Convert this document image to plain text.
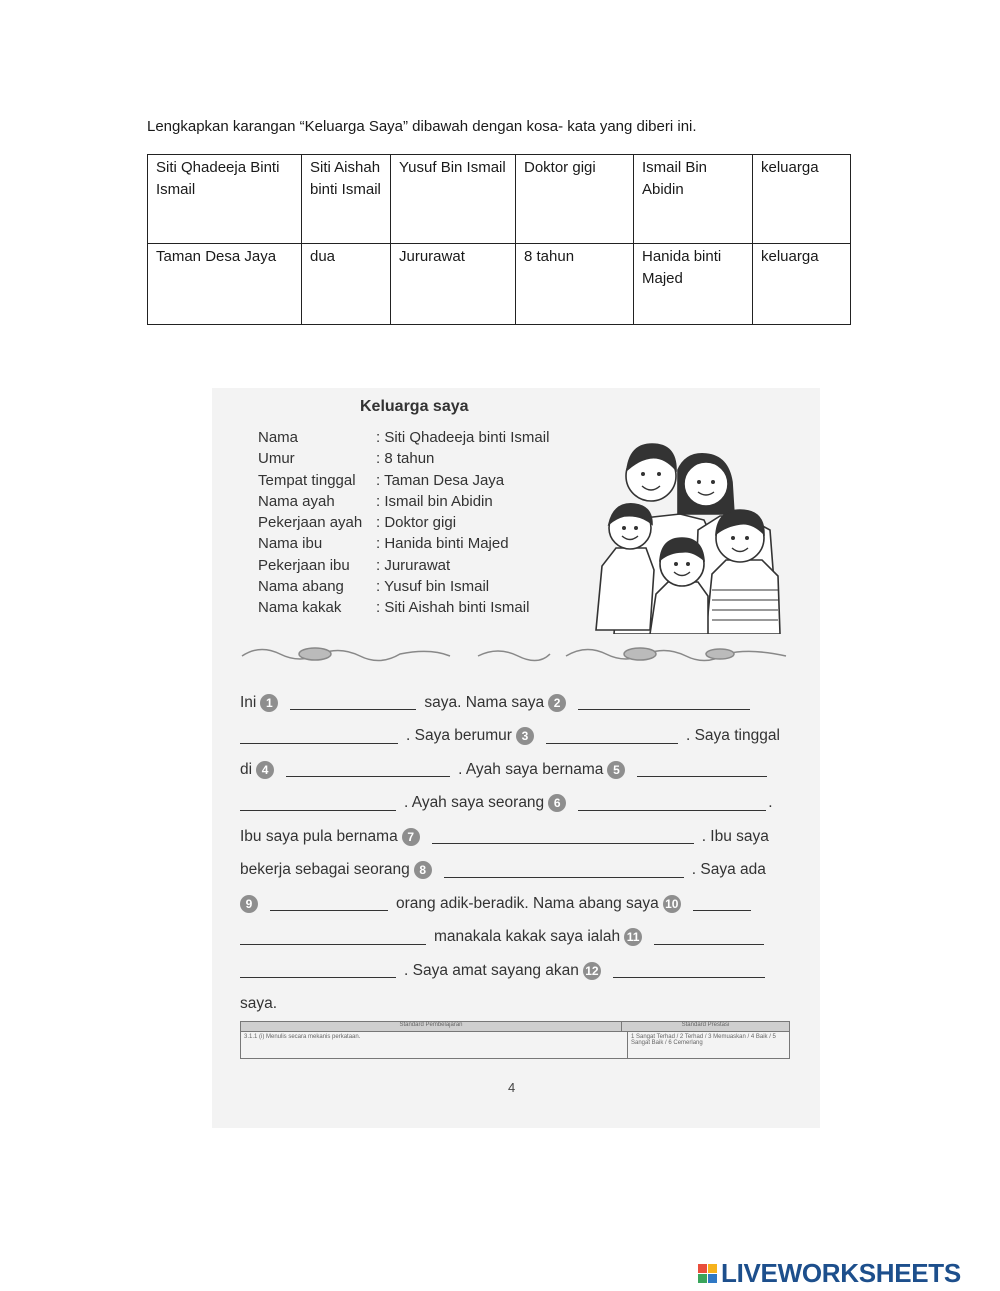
Lengkapkan karangan “Keluarga Saya” dibawah dengan kosa- kata yang diberi ini.
Siti Qhadeeja Binti Ismail	Siti Aishah binti Ismail	Yusuf Bin Ismail	Doktor gigi	Ismail Bin Abidin	keluarga
Taman Desa Jaya	dua	Jururawat	8 tahun	Hanida binti Majed	keluarga
Keluarga saya
Nama	: Siti Qhadeeja binti Ismail
Umur	: 8 tahun
Tempat tinggal	: Taman Desa Jaya
Nama ayah	: Ismail bin Abidin
Pekerjaan ayah : Doktor gigi
Nama ibu	: Hanida binti Majed
Pekerjaan ibu	: Jururawat
Nama abang	: Yusuf bin Ismail
Nama kakak	: Siti Aishah binti Ismail
Ini 1	saya. Nama saya 2
. Saya berumur 3	. Saya tinggal
di 4	. Ayah saya bernama 5
. Ayah saya seorang 6	.
Ibu saya pula bernama 7	. Ibu saya
bekerja sebagai seorang 8	. Saya ada
9	orang adik-beradik. Nama abang saya 10
manakala kakak saya ialah 11
. Saya amat sayang akan 12
saya.
Standard Pembelajaran	Standard Prestasi
3.1.1 (i) Menulis secara mekanis perkataan.	1 Sangat Terhad / 2 Terhad / 3 Memuaskan / 4 Baik / 5 Sangat Baik / 6 Cemerlang
4
LIVEWORKSHEETS
